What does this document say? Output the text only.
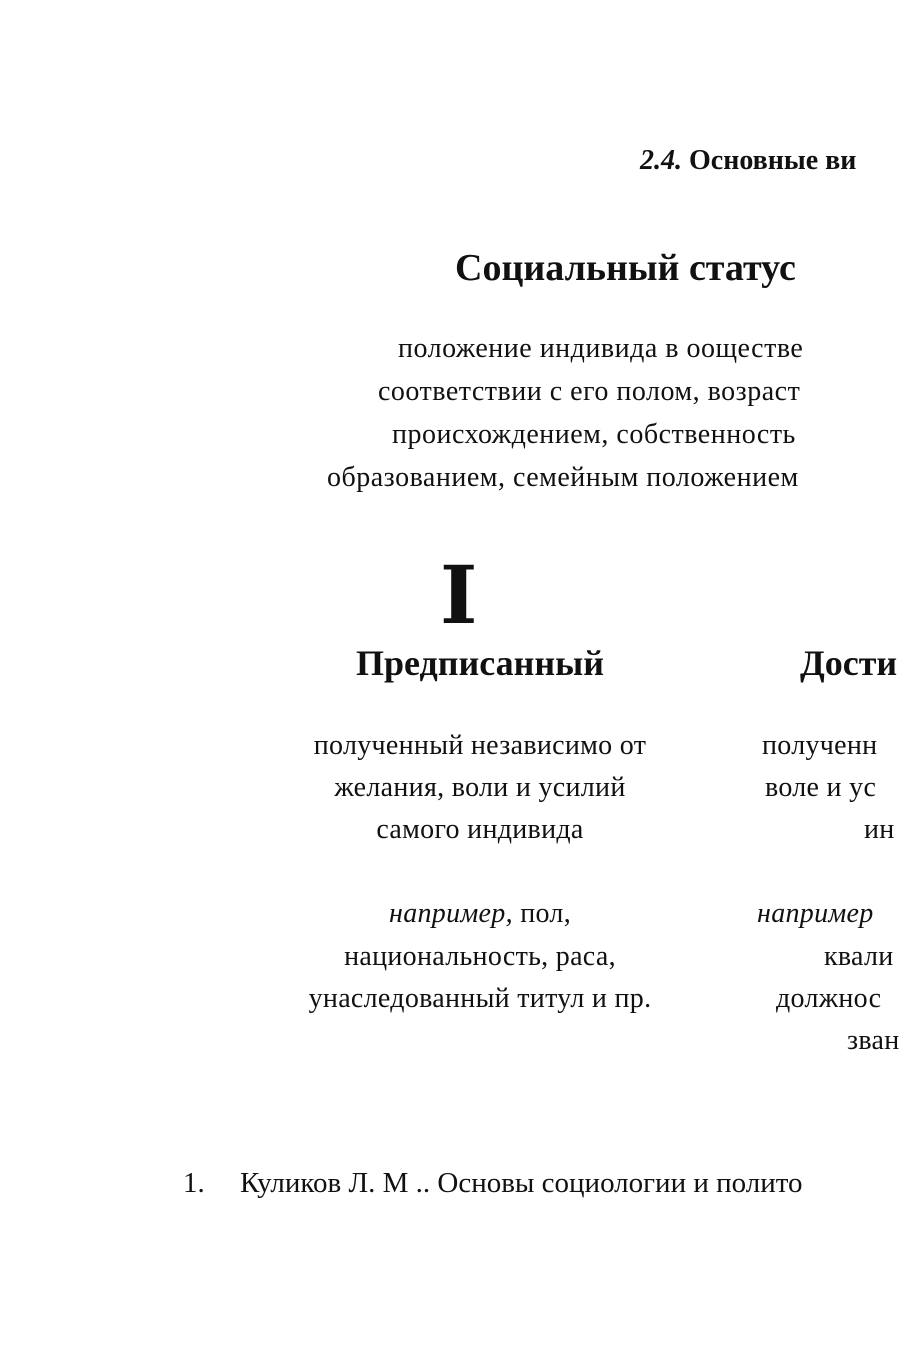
2.4. Основные ви
Социальный статус
положение индивида в ооществе
соответствии с его полом, возраст
происхождением, собственность
образованием, семейным положением
I
Предписанный
полученный независимо от
желания, воли и усилий
самого индивида
например, пол,
национальность, раса,
унаследованный титул и пр.
Дости
полученн
воле и ус
ин
например
квали
должнос
зван
1. Куликов Л. М .. Основы социологии и полито
